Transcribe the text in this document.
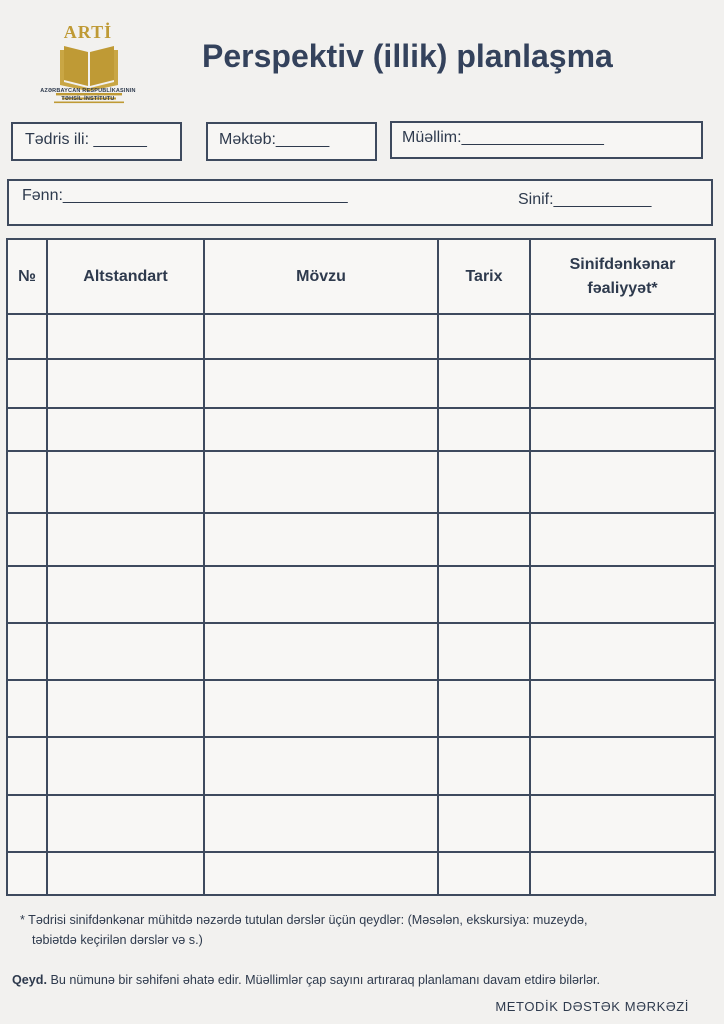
ARTİ
AZƏRBAYCAN RESPUBLİKASININ
TƏHSİL İNSTİTUTU
Perspektiv (illik) planlaşma
Tədris ili: ______	Məktəb:______	Müəllim:________________
Fənn:________________________________	Sinif:___________
№	Altstandart	Mövzu	Tarix	Sinifdənkənar fəaliyyət*

* Tədrisi sinifdənkənar mühitdə nəzərdə tutulan dərslər üçün qeydlər: (Məsələn, ekskursiya: muzeydə,
təbiətdə keçirilən dərslər və s.)
Qeyd. Bu nümunə bir səhifəni əhatə edir. Müəllimlər çap sayını artıraraq planlamanı davam etdirə bilərlər.
METODİK DƏSTƏK MƏRKƏZİ
